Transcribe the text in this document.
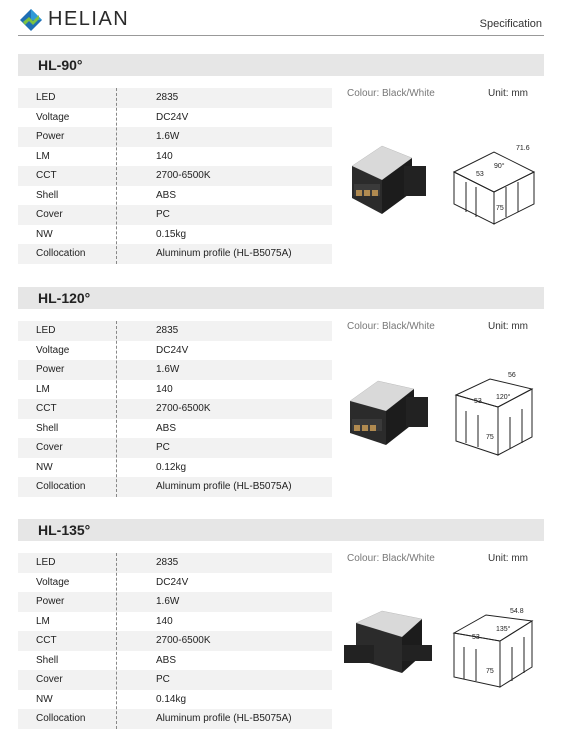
HELIAN	Specification
HL-90°
LED	2835
Voltage	DC24V
Power	1.6W
LM	140
CCT	2700-6500K
Shell	ABS
Cover	PC
NW	0.15kg
Collocation	Aluminum profile (HL-B5075A)
Colour: Black/White	Unit: mm
90°
71.6
53
75
HL-120°
LED	2835
Voltage	DC24V
Power	1.6W
LM	140
CCT	2700-6500K
Shell	ABS
Cover	PC
NW	0.12kg
Collocation	Aluminum profile (HL-B5075A)
Colour: Black/White	Unit: mm
120°
56
53
75
HL-135°
LED	2835
Voltage	DC24V
Power	1.6W
LM	140
CCT	2700-6500K
Shell	ABS
Cover	PC
NW	0.14kg
Collocation	Aluminum profile (HL-B5075A)
Colour: Black/White	Unit: mm
135°
54.8
53
75
